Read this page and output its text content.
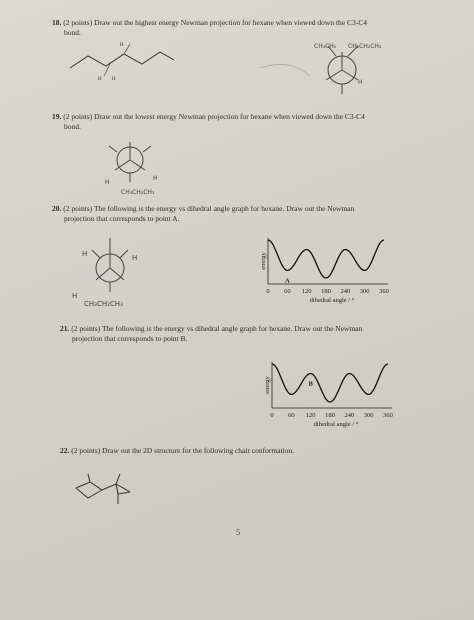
18. (2 points) Draw out the highest energy Newman projection for hexane when viewed down the C3-C4
bond.
H H
H	CH₃CH₂ CH₂CH₂CH₃
H
19. (2 points) Draw out the lowest energy Newman projection for hexane when viewed down the C3-C4
bond.
H
H
CH₃CH₂CH₃
20. (2 points) The following is the energy vs dihedral angle graph for hexane. Draw out the Newman
projection that corresponds to point A.
H	H
H
CH₃CH₂CH₃
0 60 120 180 240 300 360
dihedral angle / °
energy
A
21. (2 points) The following is the energy vs dihedral angle graph for hexane. Draw out the Newman
projection that corresponds to point B.
0 60 120 180 240 300 360
dihedral angle / °
energy	B
22. (2 points) Draw out the 2D structure for the following chair conformation.
5
